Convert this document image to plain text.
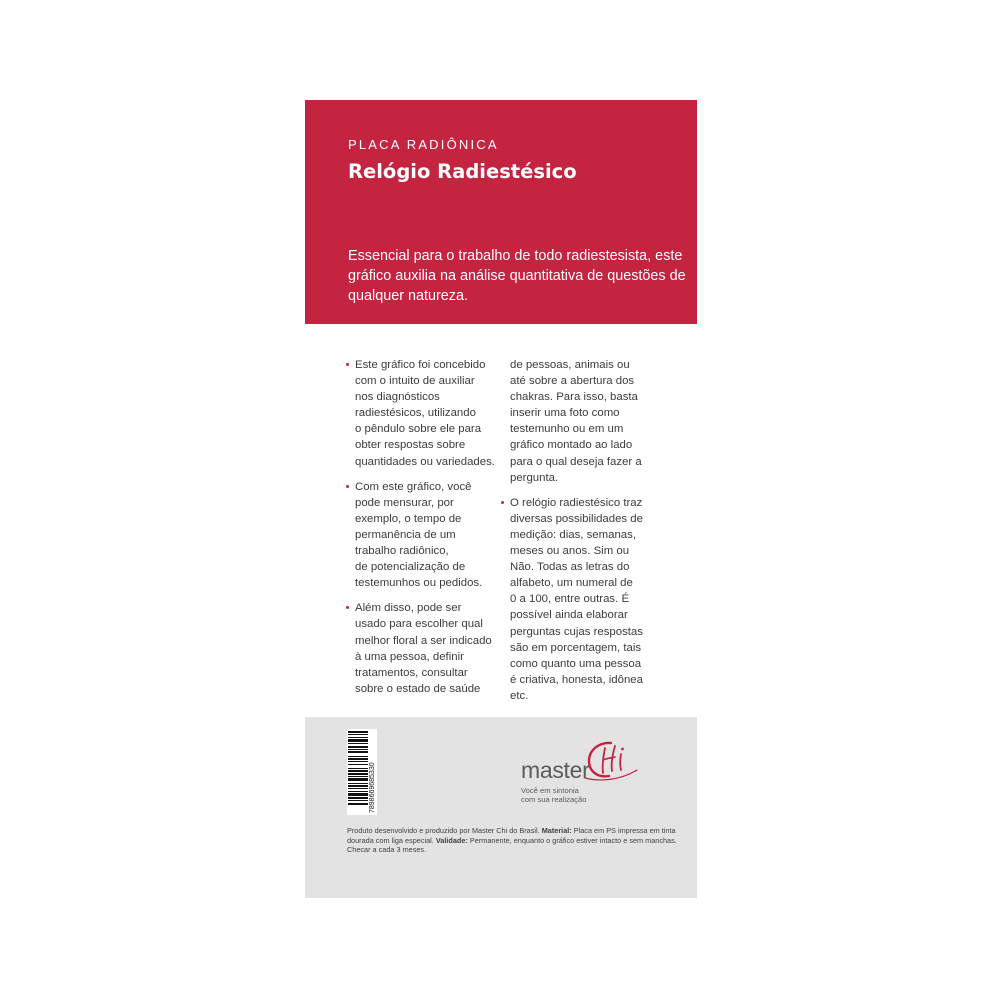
PLACA RADIÔNICA
Relógio Radiestésico
Essencial para o trabalho de todo radiestesista, este gráfico auxilia na análise quantitativa de questões de qualquer natureza.

Este gráfico foi concebido
com o intuito de auxiliar
nos diagnósticos
radiestésicos, utilizando
o pêndulo sobre ele para
obter respostas sobre
quantidades ou variedades.

Com este gráfico, você
pode mensurar, por
exemplo, o tempo de
permanência de um
trabalho radiônico,
de potencialização de
testemunhos ou pedidos.

Além disso, pode ser
usado para escolher qual
melhor floral a ser indicado
à uma pessoa, definir
tratamentos, consultar
sobre o estado de saúde

de pessoas, animais ou
até sobre a abertura dos
chakras. Para isso, basta
inserir uma foto como
testemunho ou em um
gráfico montado ao lado
para o qual deseja fazer a
pergunta.

O relógio radiestésico traz
diversas possibilidades de
medição: dias, semanas,
meses ou anos. Sim ou
Não. Todas as letras do
alfabeto, um numeral de
0 a 100, entre outras. É
possível ainda elaborar
perguntas cujas respostas
são em porcentagem, tais
como quanto uma pessoa
é criativa, honesta, idônea
etc.

7898669685330	master
Você em sintonia
com sua realização
Produto desenvolvido e produzido por Master Chi do Brasil. Material: Placa em PS impressa em tinta dourada com liga especial. Validade: Permanente, enquanto o gráfico estiver intacto e sem manchas. Checar a cada 3 meses.
